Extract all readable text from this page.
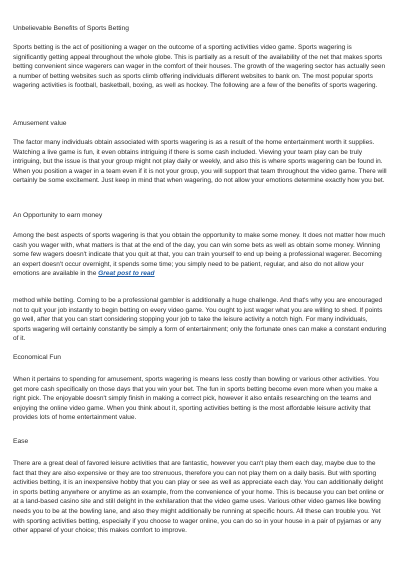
Unbelievable Benefits of Sports Betting

Sports betting is the act of positioning a wager on the outcome of a sporting activities video game. Sports wagering is significantly getting appeal throughout the whole globe. This is partially as a result of the availability of the net that makes sports betting convenient since wagerers can wager in the comfort of their houses. The growth of the wagering sector has actually seen a number of betting websites such as sports climb offering individuals different websites to bank on. The most popular sports wagering activities is football, basketball, boxing, as well as hockey. The following are a few of the benefits of sports wagering.

Amusement value

The factor many individuals obtain associated with sports wagering is as a result of the home entertainment worth it supplies. Watching a live game is fun, it even obtains intriguing if there is some cash included. Viewing your team play can be truly intriguing, but the issue is that your group might not play daily or weekly, and also this is where sports wagering can be found in. When you position a wager in a team even if it is not your group, you will support that team throughout the video game. There will certainly be some excitement. Just keep in mind that when wagering, do not allow your emotions determine exactly how you bet.

An Opportunity to earn money

Among the best aspects of sports wagering is that you obtain the opportunity to make some money. It does not matter how much cash you wager with, what matters is that at the end of the day, you can win some bets as well as obtain some money. Winning some few wagers doesn't indicate that you quit at that, you can train yourself to end up being a professional wagerer. Becoming an expert doesn't occur overnight, it spends some time; you simply need to be patient, regular, and also do not allow your emotions are available in the Great post to read

method while betting. Coming to be a professional gambler is additionally a huge challenge. And that's why you are encouraged not to quit your job instantly to begin betting on every video game. You ought to just wager what you are willing to shed. If points go well, after that you can start considering stopping your job to take the leisure activity a notch high. For many individuals, sports wagering will certainly constantly be simply a form of entertainment; only the fortunate ones can make a constant enduring of it.

Economical Fun

When it pertains to spending for amusement, sports wagering is means less costly than bowling or various other activities. You get more cash specifically on those days that you win your bet. The fun in sports betting become even more when you make a right pick. The enjoyable doesn't simply finish in making a correct pick, however it also entails researching on the teams and enjoying the online video game. When you think about it, sporting activities betting is the most affordable leisure activity that provides lots of home entertainment value.

Ease

There are a great deal of favored leisure activities that are fantastic, however you can't play them each day, maybe due to the fact that they are also expensive or they are too strenuous, therefore you can not play them on a daily basis. But with sporting activities betting, it is an inexpensive hobby that you can play or see as well as appreciate each day. You can additionally delight in sports betting anywhere or anytime as an example, from the convenience of your home. This is because you can bet online or at a land-based casino site and still delight in the exhilaration that the video game uses. Various other video games like bowling needs you to be at the bowling lane, and also they might additionally be running at specific hours. All these can trouble you. Yet with sporting activities betting, especially if you choose to wager online, you can do so in your house in a pair of pyjamas or any other apparel of your choice; this makes comfort to improve.
